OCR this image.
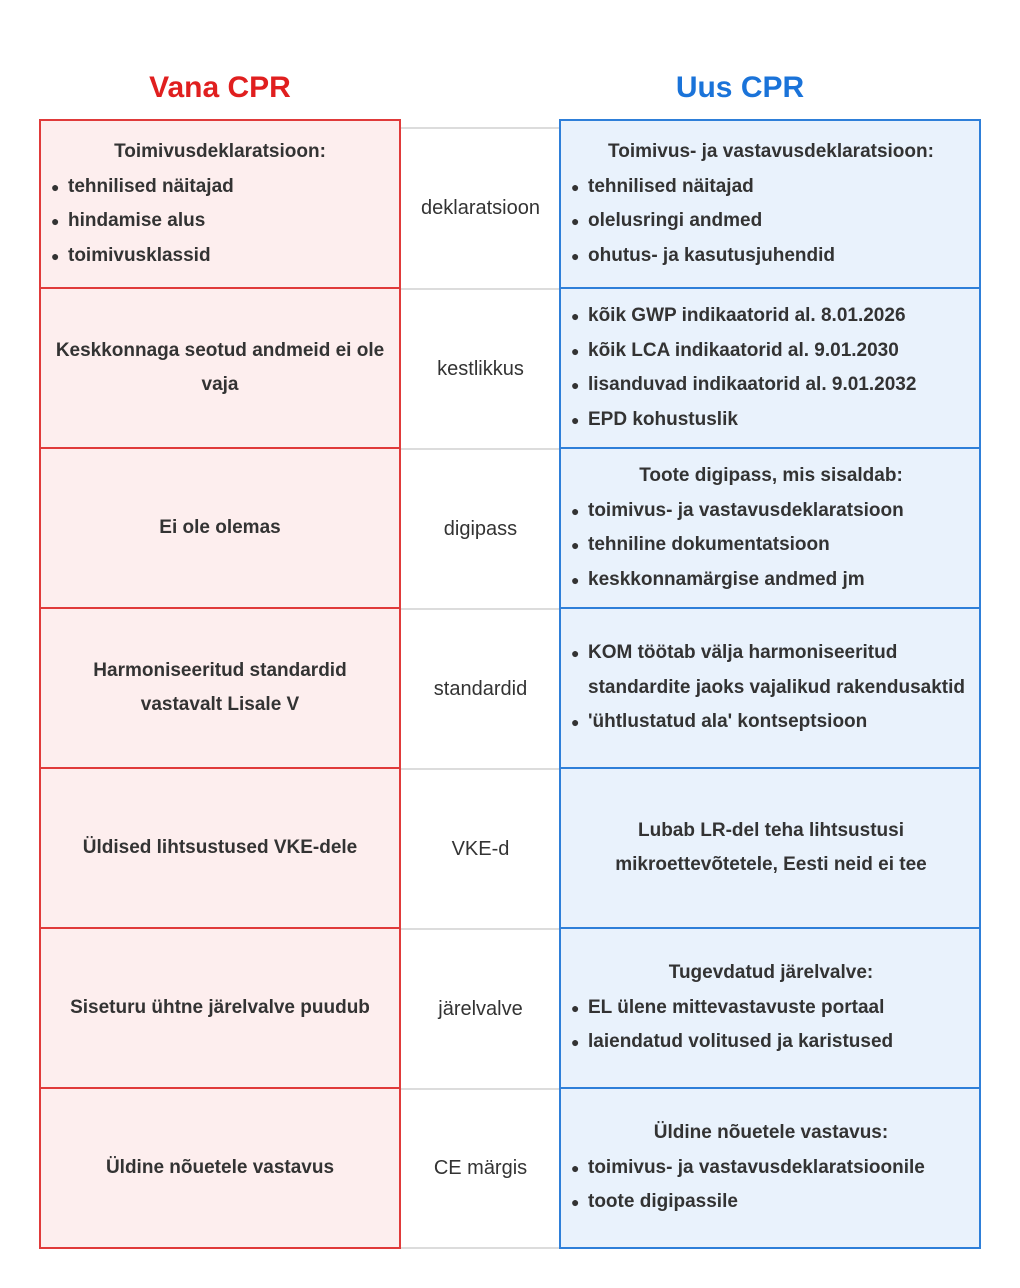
Vana CPR	Uus CPR
Toimivusdeklaratsioon:
● tehnilised näitajad
● hindamise alus
● toimivusklassid
Keskkonnaga seotud andmeid ei ole vaja
Ei ole olemas
Harmoniseeritud standardid vastavalt Lisale V
Üldised lihtsustused VKE-dele
Siseturu ühtne järelvalve puudub
Üldine nõuetele vastavus
deklaratsioon
kestlikkus
digipass
standardid
VKE-d
järelvalve
CE märgis
Toimivus- ja vastavusdeklaratsioon:
● tehnilised näitajad
● olelusringi andmed
● ohutus- ja kasutusjuhendid
● kõik GWP indikaatorid al. 8.01.2026
● kõik LCA indikaatorid al. 9.01.2030
● lisanduvad indikaatorid al. 9.01.2032
● EPD kohustuslik
Toote digipass, mis sisaldab:
● toimivus- ja vastavusdeklaratsioon
● tehniline dokumentatsioon
● keskkonnamärgise andmed jm
● KOM töötab välja harmoniseeritud standardite jaoks vajalikud rakendusaktid
● 'ühtlustatud ala' kontseptsioon
Lubab LR-del teha lihtsustusi mikroettevõtetele, Eesti neid ei tee
Tugevdatud järelvalve:
● EL ülene mittevastavuste portaal
● laiendatud volitused ja karistused
Üldine nõuetele vastavus:
● toimivus- ja vastavusdeklaratsioonile
● toote digipassile
